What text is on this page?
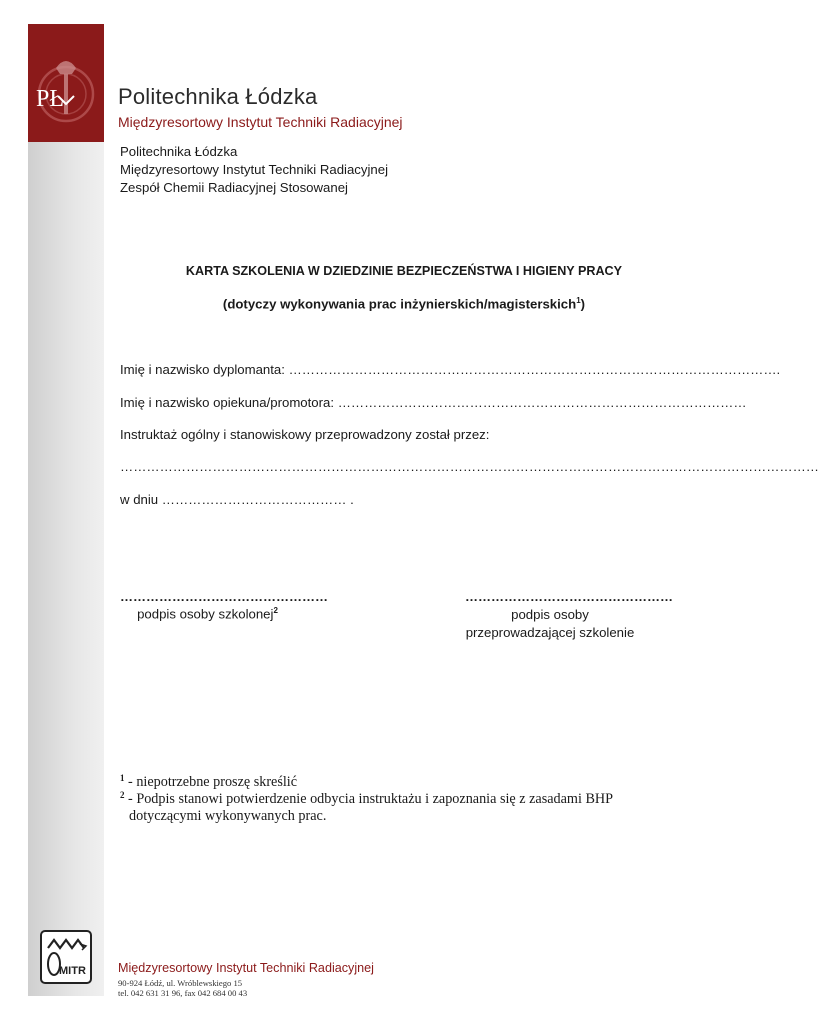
PŁ Politechnika Łódzka
Międzyresortowy Instytut Techniki Radiacyjnej
Politechnika Łódzka
Międzyresortowy Instytut Techniki Radiacyjnej
Zespół Chemii Radiacyjnej Stosowanej
KARTA SZKOLENIA W DZIEDZINIE BEZPIECZEŃSTWA I HIGIENY PRACY
(dotyczy wykonywania prac inżynierskich/magisterskich$^1$)
Imię i nazwisko dyplomanta: ………………………………………………………………………………………………….
Imię i nazwisko opiekuna/promotora: …………………………………………………………………………………
Instruktaż ogólny i stanowiskowy przeprowadzony został przez:
……………………………………………………………………………………………………………………………………………
w dniu …………………………………… .
…………………………………………
podpis osoby szkolonej$^2$
…………………………………………
podpis osoby
przeprowadzającej szkolenie
$^1$ - niepotrzebne proszę skreślić
$^2$ - Podpis stanowi potwierdzenie odbycia instruktażu i zapoznania się z zasadami BHP
dotyczącymi wykonywanych prac.
MITR	Międzyresortowy Instytut Techniki Radiacyjnej
90-924 Łódź, ul. Wróblewskiego 15
tel. 042 631 31 96, fax 042 684 00 43
